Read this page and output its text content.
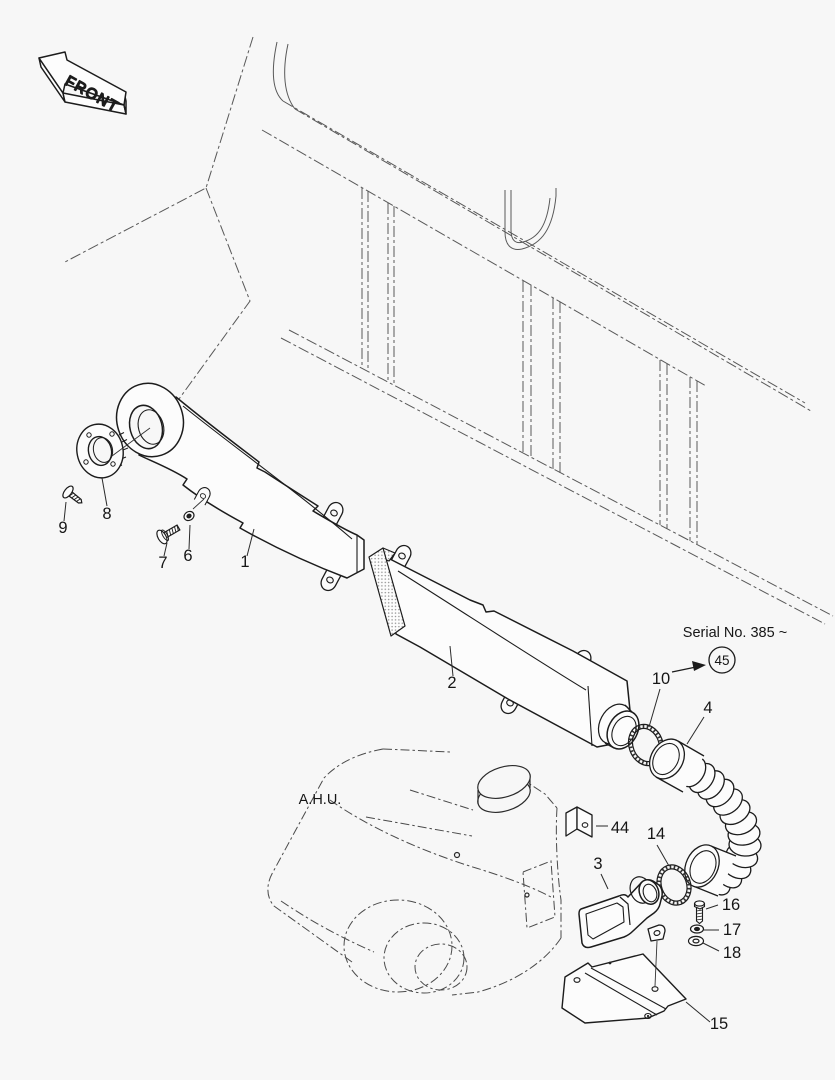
FRONT
A.H.U.
Serial No. 385 ~
45
9
8
7 6	1
2	10
4
44 14
3
16
17
18
15
